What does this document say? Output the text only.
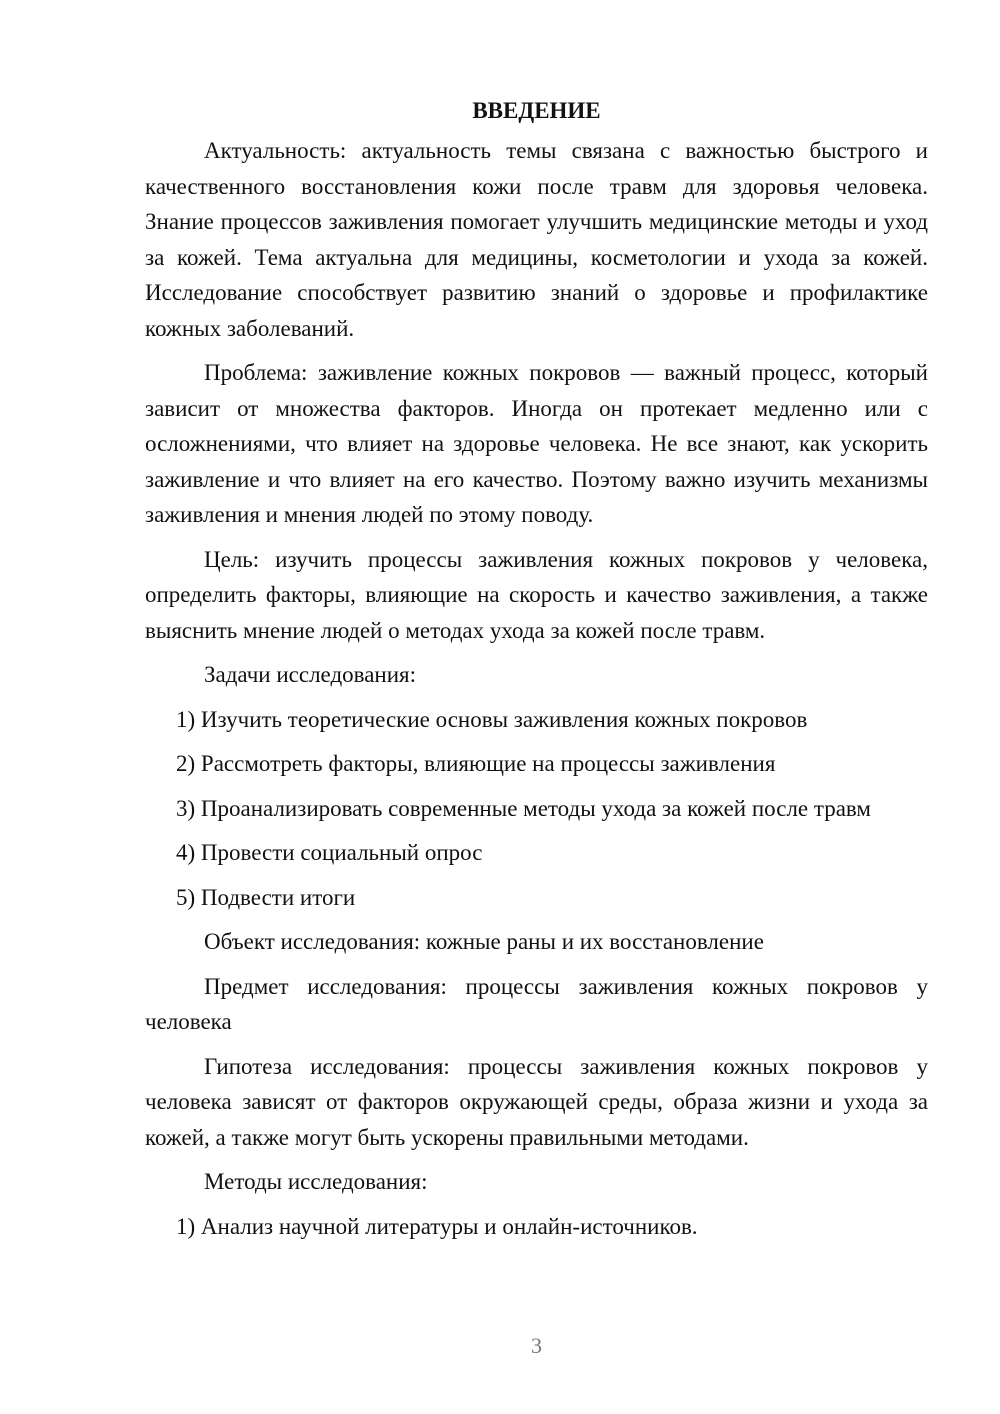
ВВЕДЕНИЕ

Актуальность: актуальность темы связана с важностью быстрого и качественного восстановления кожи после травм для здоровья человека. Знание процессов заживления помогает улучшить медицинские методы и уход за кожей. Тема актуальна для медицины, косметологии и ухода за кожей. Исследование способствует развитию знаний о здоровье и профилактике кожных заболеваний.

Проблема: заживление кожных покровов — важный процесс, который зависит от множества факторов. Иногда он протекает медленно или с осложнениями, что влияет на здоровье человека. Не все знают, как ускорить заживление и что влияет на его качество. Поэтому важно изучить механизмы заживления и мнения людей по этому поводу.

Цель: изучить процессы заживления кожных покровов у человека, определить факторы, влияющие на скорость и качество заживления, а также выяснить мнение людей о методах ухода за кожей после травм.

Задачи исследования:

1) Изучить теоретические основы заживления кожных покровов

2) Рассмотреть факторы, влияющие на процессы заживления

3) Проанализировать современные методы ухода за кожей после травм

4) Провести социальный опрос

5) Подвести итоги

Объект исследования: кожные раны и их восстановление

Предмет исследования: процессы заживления кожных покровов у человека

Гипотеза исследования: процессы заживления кожных покровов у человека зависят от факторов окружающей среды, образа жизни и ухода за кожей, а также могут быть ускорены правильными методами.

Методы исследования:

1) Анализ научной литературы и онлайн-источников.

3
